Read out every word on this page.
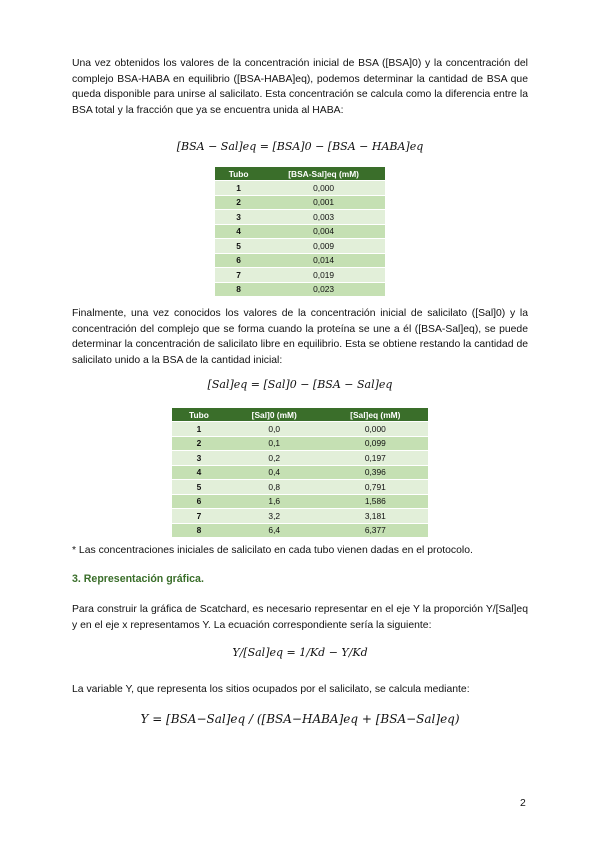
Una vez obtenidos los valores de la concentración inicial de BSA ([BSA]0) y la concentración del complejo BSA-HABA en equilibrio ([BSA-HABA]eq), podemos determinar la cantidad de BSA que queda disponible para unirse al salicilato. Esta concentración se calcula como la diferencia entre la BSA total y la fracción que ya se encuentra unida al HABA:

[BSA − Sal]eq = [BSA]0 − [BSA − HABA]eq
Tubo	[BSA-Sal]eq (mM)
1	0,000
2	0,001
3	0,003
4	0,004
5	0,009
6	0,014
7	0,019
8	0,023

Finalmente, una vez conocidos los valores de la concentración inicial de salicilato ([Sal]0) y la concentración del complejo que se forma cuando la proteína se une a él ([BSA-Sal]eq), se puede determinar la concentración de salicilato libre en equilibrio. Esta se obtiene restando la cantidad de salicilato unido a la BSA de la cantidad inicial:

[Sal]eq = [Sal]0 − [BSA − Sal]eq
Tubo	[Sal]0 (mM)	[Sal]eq (mM)
1	0,0	0,000
2	0,1	0,099
3	0,2	0,197
4	0,4	0,396
5	0,8	0,791
6	1,6	1,586
7	3,2	3,181
8	6,4	6,377
* Las concentraciones iniciales de salicilato en cada tubo vienen dadas en el protocolo.
3. Representación gráfica.

Para construir la gráfica de Scatchard, es necesario representar en el eje Y la proporción Y/[Sal]eq y en el eje x representamos Y. La ecuación correspondiente sería la siguiente:

Y/[Sal]eq = 1/Kd − Y/Kd

La variable Y, que representa los sitios ocupados por el salicilato, se calcula mediante:

Y = [BSA−Sal]eq / ([BSA−HABA]eq + [BSA−Sal]eq)
2
